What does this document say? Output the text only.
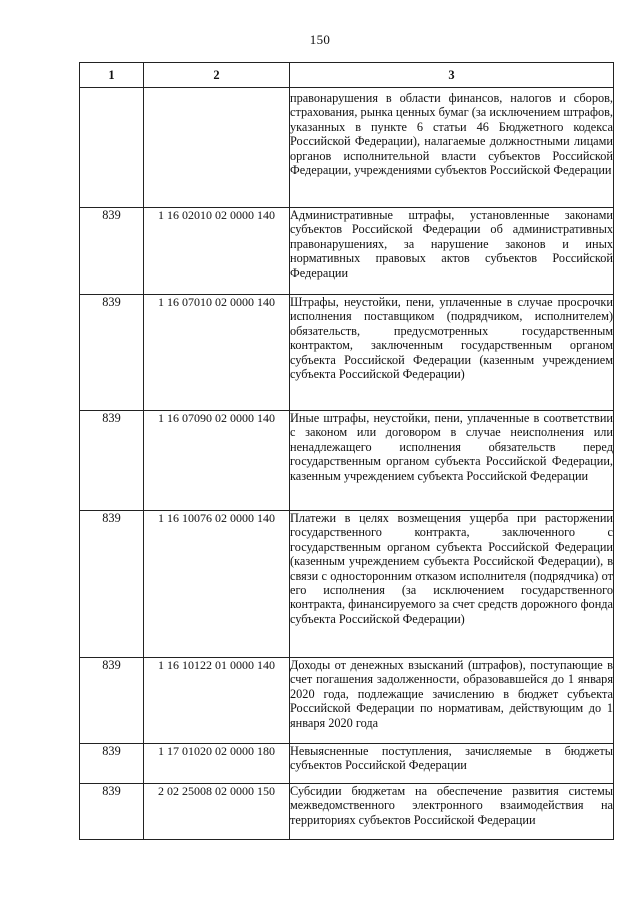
150
1	2	3
		правонарушения в области финансов, налогов и сборов, страхования, рынка ценных бумаг (за исключением штрафов, указанных в пункте 6 статьи 46 Бюджетного кодекса Российской Федерации), налагаемые должностными лицами органов исполнительной власти субъектов Российской Федерации, учреждениями субъектов Российской Федерации
839	1 16 02010 02 0000 140	Административные штрафы, установленные законами субъектов Российской Федерации об административных правонарушениях, за нарушение законов и иных нормативных правовых актов субъектов Российской Федерации
839	1 16 07010 02 0000 140	Штрафы, неустойки, пени, уплаченные в случае просрочки исполнения поставщиком (подрядчиком, исполнителем) обязательств, предусмотренных государственным контрактом, заключенным государственным органом субъекта Российской Федерации (казенным учреждением субъекта Российской Федерации)
839	1 16 07090 02 0000 140	Иные штрафы, неустойки, пени, уплаченные в соответствии с законом или договором в случае неисполнения или ненадлежащего исполнения обязательств перед государственным органом субъекта Российской Федерации, казенным учреждением субъекта Российской Федерации
839	1 16 10076 02 0000 140	Платежи в целях возмещения ущерба при расторжении государственного контракта, заключенного с государственным органом субъекта Российской Федерации (казенным учреждением субъекта Российской Федерации), в связи с односторонним отказом исполнителя (подрядчика) от его исполнения (за исключением государственного контракта, финансируемого за счет средств дорожного фонда субъекта Российской Федерации)
839	1 16 10122 01 0000 140	Доходы от денежных взысканий (штрафов), поступающие в счет погашения задолженности, образовавшейся до 1 января 2020 года, подлежащие зачислению в бюджет субъекта Российской Федерации по нормативам, действующим до 1 января 2020 года
839	1 17 01020 02 0000 180	Невыясненные поступления, зачисляемые в бюджеты субъектов Российской Федерации
839	2 02 25008 02 0000 150	Субсидии бюджетам на обеспечение развития системы межведомственного электронного взаимодействия на территориях субъектов Российской Федерации
